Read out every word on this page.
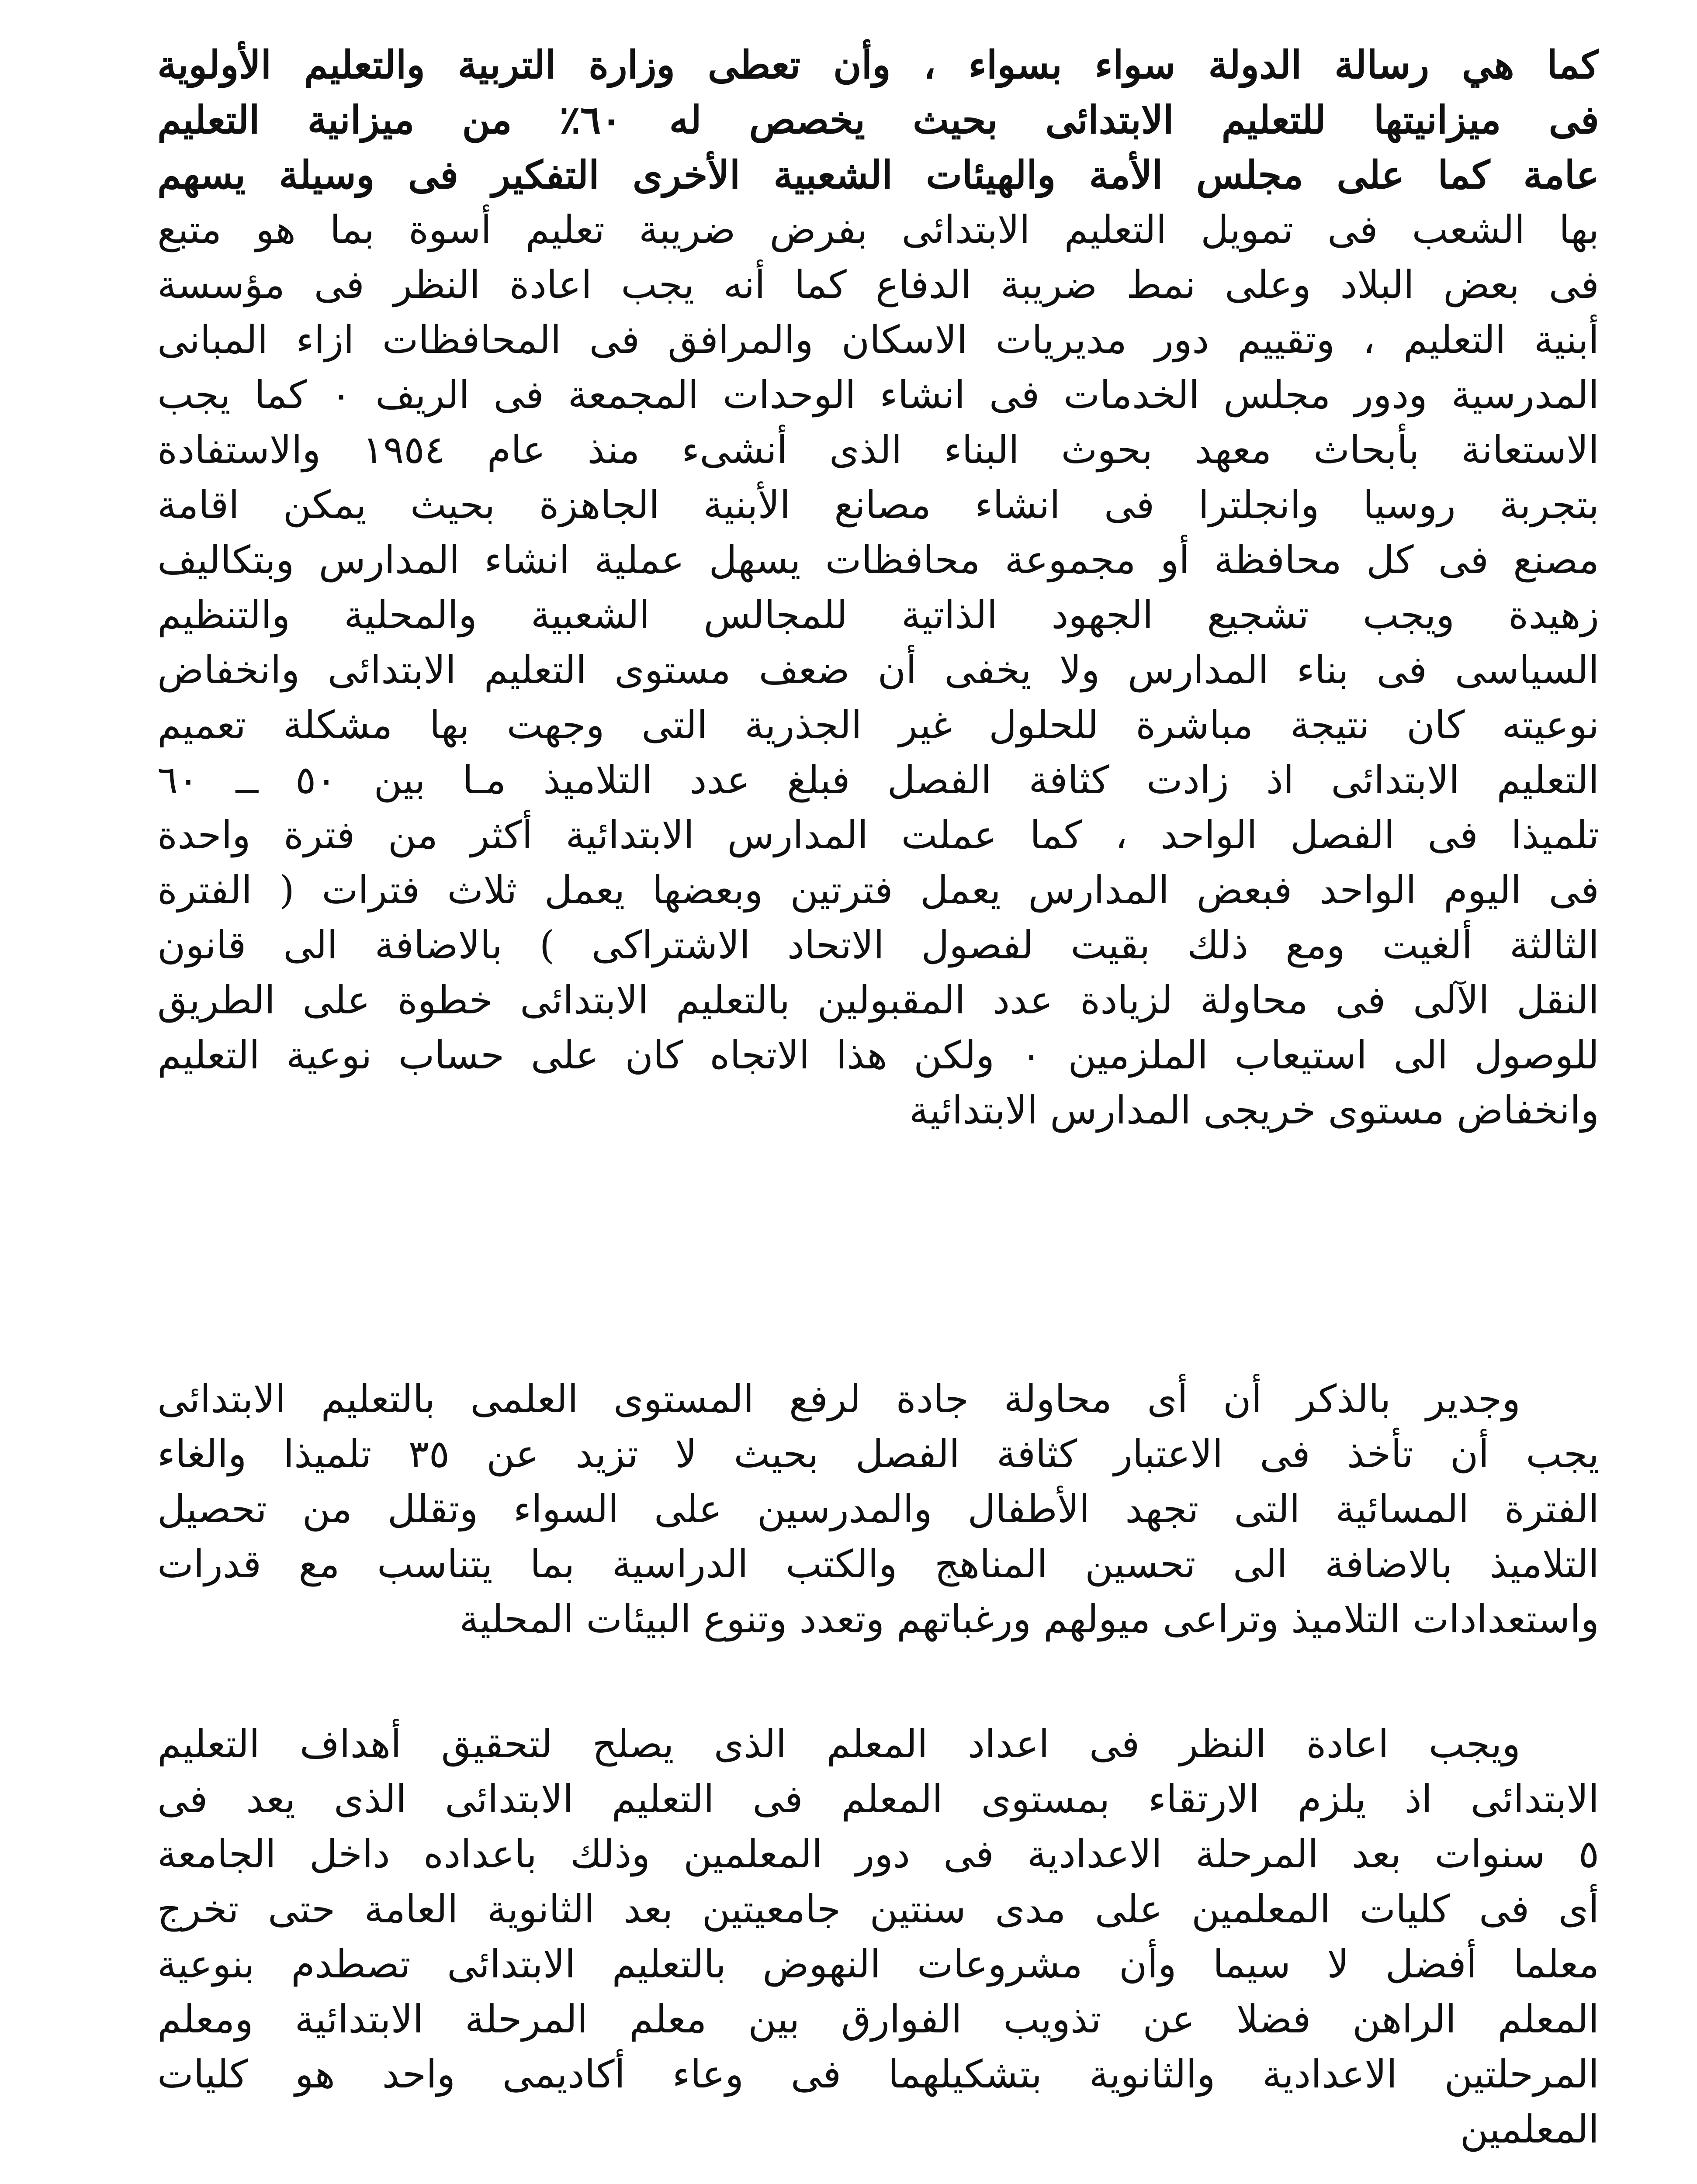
كما هي رسالة الدولة سواء بسواء ، وأن تعطى وزارة التربية والتعليم الأولوية
فى ميزانيتها للتعليم الابتدائى بحيث يخصص له ٦٠٪ من ميزانية التعليم
عامة كما على مجلس الأمة والهيئات الشعبية الأخرى التفكير فى وسيلة يسهم
بها الشعب فى تمويل التعليم الابتدائى بفرض ضريبة تعليم أسوة بما هو متبع
فى بعض البلاد وعلى نمط ضريبة الدفاع كما أنه يجب اعادة النظر فى مؤسسة
أبنية التعليم ، وتقييم دور مديريات الاسكان والمرافق فى المحافظات ازاء المبانى
المدرسية ودور مجلس الخدمات فى انشاء الوحدات المجمعة فى الريف ٠ كما يجب
الاستعانة بأبحاث معهد بحوث البناء الذى أنشىء منذ عام ١٩٥٤ والاستفادة
بتجربة روسيا وانجلترا فى انشاء مصانع الأبنية الجاهزة بحيث يمكن اقامة
مصنع فى كل محافظة أو مجموعة محافظات يسهل عملية انشاء المدارس وبتكاليف
زهيدة ويجب تشجيع الجهود الذاتية للمجالس الشعبية والمحلية والتنظيم
السياسى فى بناء المدارس ولا يخفى أن ضعف مستوى التعليم الابتدائى وانخفاض
نوعيته كان نتيجة مباشرة للحلول غير الجذرية التى وجهت بها مشكلة تعميم
التعليم الابتدائى اذ زادت كثافة الفصل فبلغ عدد التلاميذ مـا بين ٥٠ ــ ٦٠
تلميذا فى الفصل الواحد ، كما عملت المدارس الابتدائية أكثر من فترة واحدة
فى اليوم الواحد فبعض المدارس يعمل فترتين وبعضها يعمل ثلاث فترات ( الفترة
الثالثة ألغيت ومع ذلك بقيت لفصول الاتحاد الاشتراكى ) بالاضافة الى قانون
النقل الآلى فى محاولة لزيادة عدد المقبولين بالتعليم الابتدائى خطوة على الطريق
للوصول الى استيعاب الملزمين ٠ ولكن هذا الاتجاه كان على حساب نوعية التعليم
وانخفاض مستوى خريجى المدارس الابتدائية
وجدير بالذكر أن أى محاولة جادة لرفع المستوى العلمى بالتعليم الابتدائى
يجب أن تأخذ فى الاعتبار كثافة الفصل بحيث لا تزيد عن ٣٥ تلميذا والغاء
الفترة المسائية التى تجهد الأطفال والمدرسين على السواء وتقلل من تحصيل
التلاميذ بالاضافة الى تحسين المناهج والكتب الدراسية بما يتناسب مع قدرات
واستعدادات التلاميذ وتراعى ميولهم ورغباتهم وتعدد وتنوع البيئات المحلية
ويجب اعادة النظر فى اعداد المعلم الذى يصلح لتحقيق أهداف التعليم
الابتدائى اذ يلزم الارتقاء بمستوى المعلم فى التعليم الابتدائى الذى يعد فى
٥ سنوات بعد المرحلة الاعدادية فى دور المعلمين وذلك باعداده داخل الجامعة
أى فى كليات المعلمين على مدى سنتين جامعيتين بعد الثانوية العامة حتى تخرج
معلما أفضل لا سيما وأن مشروعات النهوض بالتعليم الابتدائى تصطدم بنوعية
المعلم الراهن فضلا عن تذويب الفوارق بين معلم المرحلة الابتدائية ومعلم
المرحلتين الاعدادية والثانوية بتشكيلهما فى وعاء أكاديمى واحد هو كليات
المعلمين
